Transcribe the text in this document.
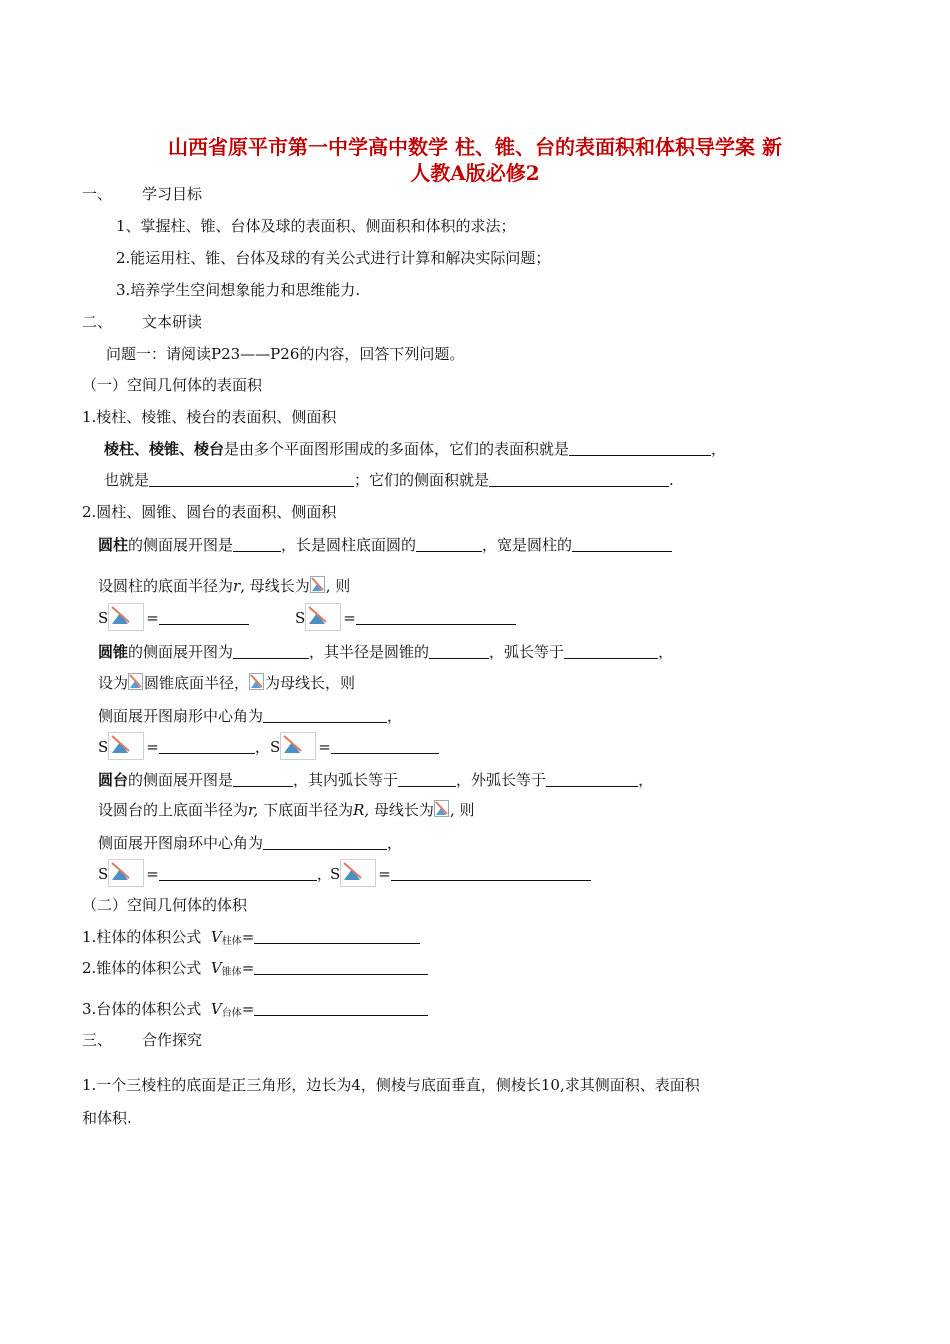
山西省原平市第一中学高中数学 柱、锥、台的表面积和体积导学案 新
人教A版必修2
一、 学习目标
1、掌握柱、锥、台体及球的表面积、侧面积和体积的求法；
2.能运用柱、锥、台体及球的有关公式进行计算和解决实际问题；
3.培养学生空间想象能力和思维能力.
二、 文本研读
问题一：请阅读P23——P26的内容，回答下列问题。
（一）空间几何体的表面积
1.棱柱、棱锥、棱台的表面积、侧面积
棱柱、棱锥、棱台是由多个平面图形围成的多面体，它们的表面积就是	，
也就是	；它们的侧面积就是	.
2.圆柱、圆锥、圆台的表面积、侧面积
圆柱的侧面展开图是	，长是圆柱底面圆的	，宽是圆柱的
设圆柱的底面半径为r, 母线长为 , 则
S	=	S	=
圆锥的侧面展开图为	，其半径是圆锥的	，弧长等于	，
设为 圆锥底面半径， 为母线长，则
侧面展开图扇形中心角为	，
S	=	， S	=
圆台的侧面展开图是	，其内弧长等于	，外弧长等于	，
设圆台的上底面半径为r, 下底面半径为R, 母线长为 , 则
侧面展开图扇环中心角为	，
S	=	，
S	=
（二）空间几何体的体积
1.柱体的体积公式 $V_{柱体}=$
2.锥体的体积公式 $V_{锥体}=$
3.台体的体积公式 $V_{台体}=$
三、 合作探究
1.一个三棱柱的底面是正三角形，边长为4，侧棱与底面垂直，侧棱长10,求其侧面积、表面积
和体积.
